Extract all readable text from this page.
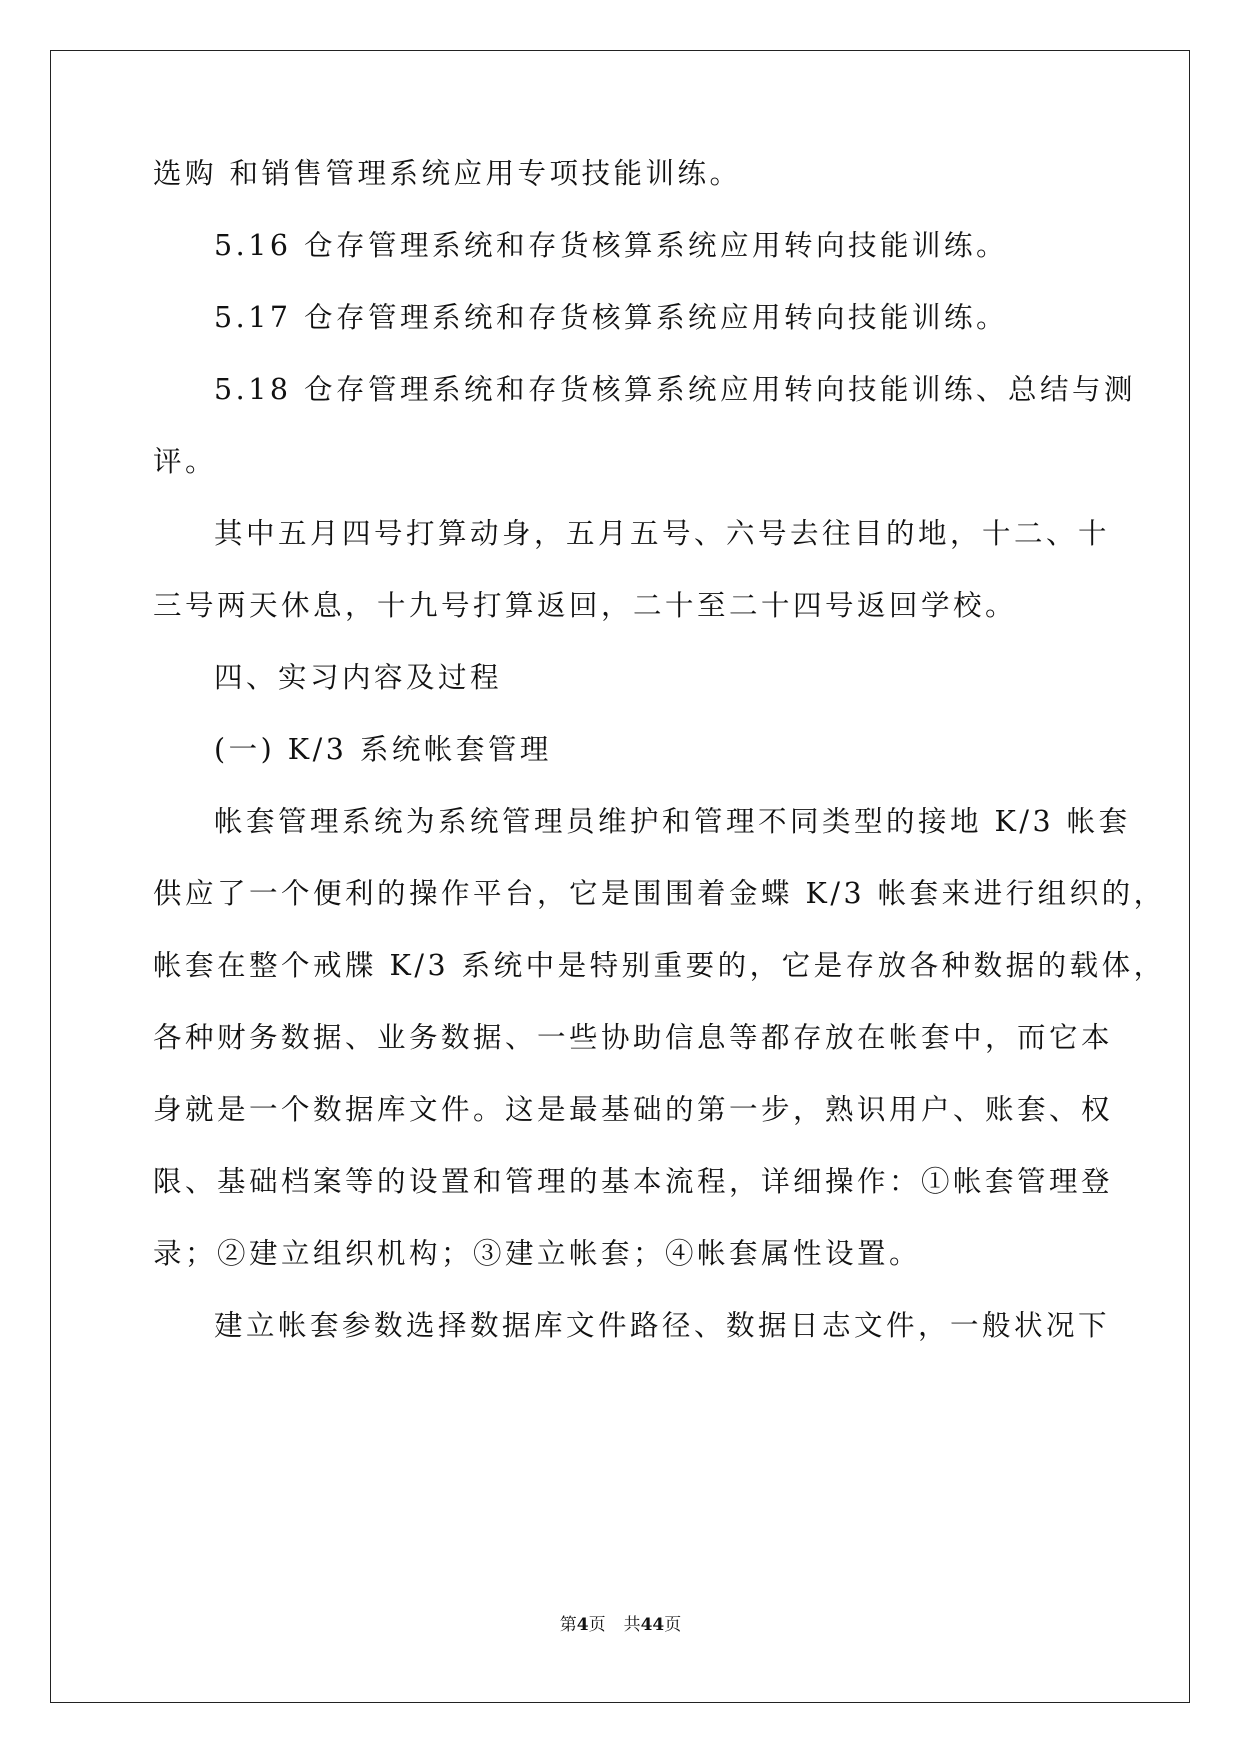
选购 和销售管理系统应用专项技能训练。

5.16 仓存管理系统和存货核算系统应用转向技能训练。

5.17 仓存管理系统和存货核算系统应用转向技能训练。

5.18 仓存管理系统和存货核算系统应用转向技能训练、总结与测

评。

其中五月四号打算动身，五月五号、六号去往目的地，十二、十

三号两天休息，十九号打算返回，二十至二十四号返回学校。

四、实习内容及过程

(一) K/3 系统帐套管理

帐套管理系统为系统管理员维护和管理不同类型的接地 K/3 帐套

供应了一个便利的操作平台，它是围围着金蝶 K/3 帐套来进行组织的，

帐套在整个戒牒 K/3 系统中是特别重要的，它是存放各种数据的载体，

各种财务数据、业务数据、一些协助信息等都存放在帐套中，而它本

身就是一个数据库文件。这是最基础的第一步，熟识用户、账套、权

限、基础档案等的设置和管理的基本流程，详细操作：①帐套管理登

录；②建立组织机构；③建立帐套；④帐套属性设置。

建立帐套参数选择数据库文件路径、数据日志文件，一般状况下

第4页 共44页
